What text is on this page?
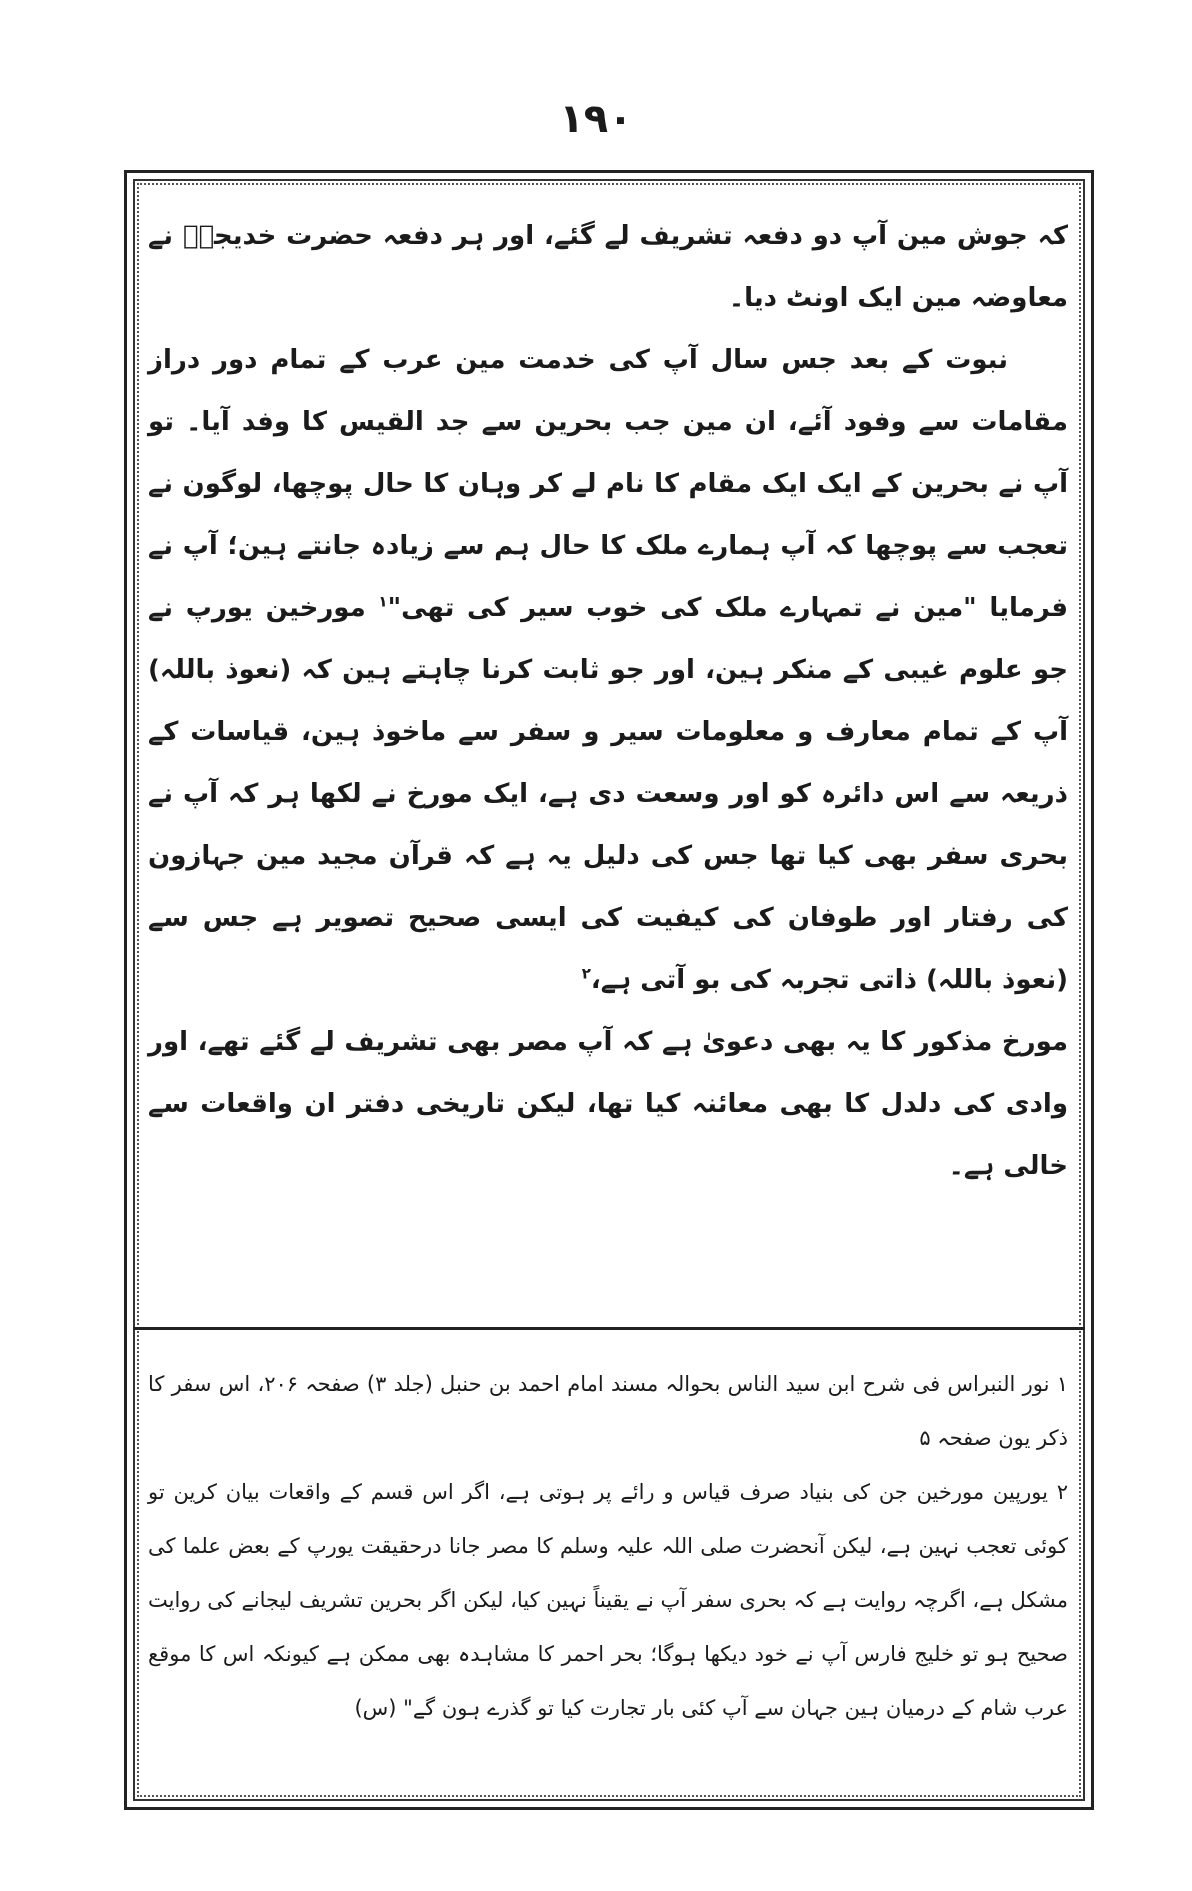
۱۹۰

کہ جوش مین آپ دو دفعہ تشریف لے گئے، اور ہر دفعہ حضرت خدیجہؓ نے معاوضہ مین ایک اونٹ دیا۔

نبوت کے بعد جس سال آپ کی خدمت مین عرب کے تمام دور دراز مقامات سے وفود آئے، ان مین جب بحرین سے جد القیس کا وفد آیا۔ تو آپ نے بحرین کے ایک ایک مقام کا نام لے کر وہان کا حال پوچھا، لوگون نے تعجب سے پوچھا کہ آپ ہمارے ملک کا حال ہم سے زیادہ جانتے ہین؛ آپ نے فرمایا "مین نے تمہارے ملک کی خوب سیر کی تھی"$^۱$ مورخین یورپ نے جو علوم غیبی کے منکر ہین، اور جو ثابت کرنا چاہتے ہین کہ (نعوذ باللہ) آپ کے تمام معارف و معلومات سیر و سفر سے ماخوذ ہین، قیاسات کے ذریعہ سے اس دائرہ کو اور وسعت دی ہے، ایک مورخ نے لکھا ہر کہ آپ نے بحری سفر بھی کیا تھا جس کی دلیل یہ ہے کہ قرآن مجید مین جہازون کی رفتار اور طوفان کی کیفیت کی ایسی صحیح تصویر ہے جس سے (نعوذ باللہ) ذاتی تجربہ کی بو آتی ہے،$^۲$

مورخ مذکور کا یہ بھی دعویٰ ہے کہ آپ مصر بھی تشریف لے گئے تھے، اور وادی کی دلدل کا بھی معائنہ کیا تھا، لیکن تاریخی دفتر ان واقعات سے خالی ہے۔

۱ نور النبراس فی شرح ابن سید الناس بحوالہ مسند امام احمد بن حنبل (جلد ۳) صفحہ ۲۰۶، اس سفر کا ذکر یون صفحہ ۵

۲ یورپین مورخین جن کی بنیاد صرف قیاس و رائے پر ہوتی ہے، اگر اس قسم کے واقعات بیان کرین تو کوئی تعجب نہین ہے، لیکن آنحضرت صلی اللہ علیہ وسلم کا مصر جانا درحقیقت یورپ کے بعض علما کی مشکل ہے، اگرچہ روایت ہے کہ بحری سفر آپ نے یقیناً نہین کیا، لیکن اگر بحرین تشریف لیجانے کی روایت صحیح ہو تو خلیج فارس آپ نے خود دیکھا ہوگا؛ بحر احمر کا مشاہدہ بھی ممکن ہے کیونکہ اس کا موقع عرب شام کے درمیان ہین جہان سے آپ کئی بار تجارت کیا تو گذرے ہون گے" (س)
